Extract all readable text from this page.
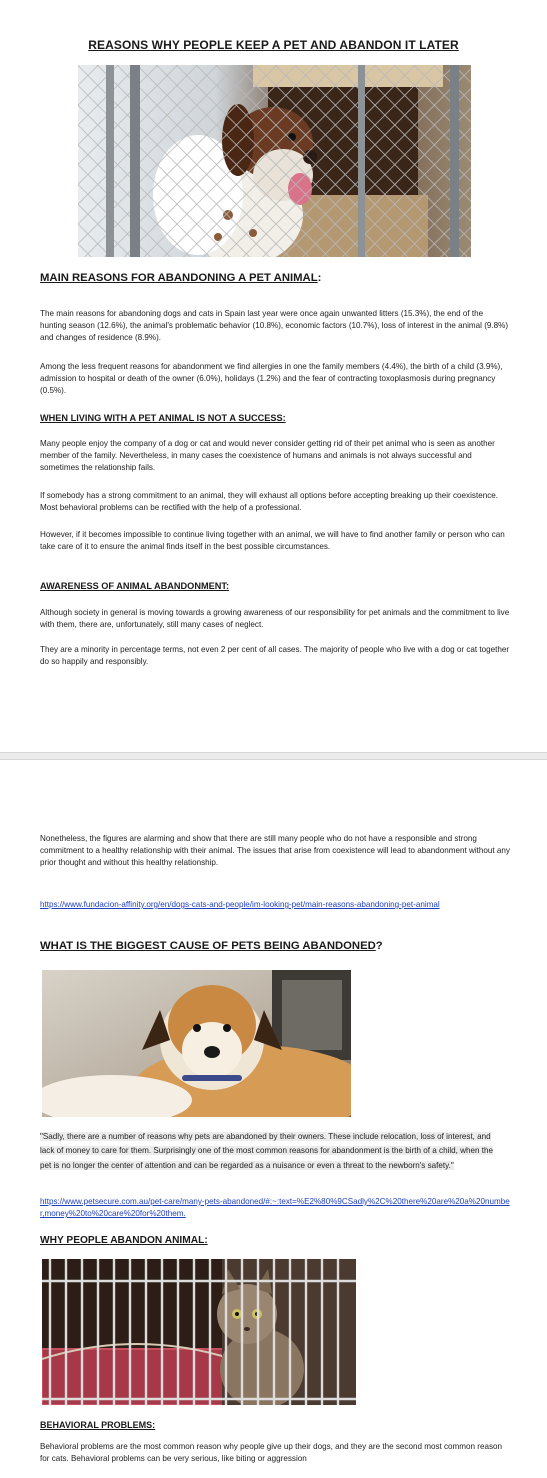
REASONS WHY PEOPLE KEEP A PET AND ABANDON IT LATER
MAIN REASONS FOR ABANDONING A PET ANIMAL:
The main reasons for abandoning dogs and cats in Spain last year were once again unwanted litters (15.3%), the end of the hunting season (12.6%), the animal's problematic behavior (10.8%), economic factors (10.7%), loss of interest in the animal (9.8%) and changes of residence (8.9%).
Among the less frequent reasons for abandonment we find allergies in one the family members (4.4%), the birth of a child (3.9%), admission to hospital or death of the owner (6.0%), holidays (1.2%) and the fear of contracting toxoplasmosis during pregnancy (0.5%).
WHEN LIVING WITH A PET ANIMAL IS NOT A SUCCESS:
Many people enjoy the company of a dog or cat and would never consider getting rid of their pet animal who is seen as another member of the family. Nevertheless, in many cases the coexistence of humans and animals is not always successful and sometimes the relationship fails.
If somebody has a strong commitment to an animal, they will exhaust all options before accepting breaking up their coexistence. Most behavioral problems can be rectified with the help of a professional.
However, if it becomes impossible to continue living together with an animal, we will have to find another family or person who can take care of it to ensure the animal finds itself in the best possible circumstances.
AWARENESS OF ANIMAL ABANDONMENT:
Although society in general is moving towards a growing awareness of our responsibility for pet animals and the commitment to live with them, there are, unfortunately, still many cases of neglect.
They are a minority in percentage terms, not even 2 per cent of all cases. The majority of people who live with a dog or cat together do so happily and responsibly.
Nonetheless, the figures are alarming and show that there are still many people who do not have a responsible and strong commitment to a healthy relationship with their animal. The issues that arise from coexistence will lead to abandonment without any prior thought and without this healthy relationship.
https://www.fundacion-affinity.org/en/dogs-cats-and-people/im-looking-pet/main-reasons-abandoning-pet-animal
WHAT IS THE BIGGEST CAUSE OF PETS BEING ABANDONED?
"Sadly, there are a number of reasons why pets are abandoned by their owners. These include relocation, loss of interest, and lack of money to care for them. Surprisingly one of the most common reasons for abandonment is the birth of a child, when the pet is no longer the center of attention and can be regarded as a nuisance or even a threat to the newborn's safety."
https://www.petsecure.com.au/pet-care/many-pets-abandoned/#:~:text=%E2%80%9CSadly%2C%20there%20are%20a%20number,money%20to%20care%20for%20them.
WHY PEOPLE ABANDON ANIMAL:
BEHAVIORAL PROBLEMS:
Behavioral problems are the most common reason why people give up their dogs, and they are the second most common reason for cats. Behavioral problems can be very serious, like biting or aggression
